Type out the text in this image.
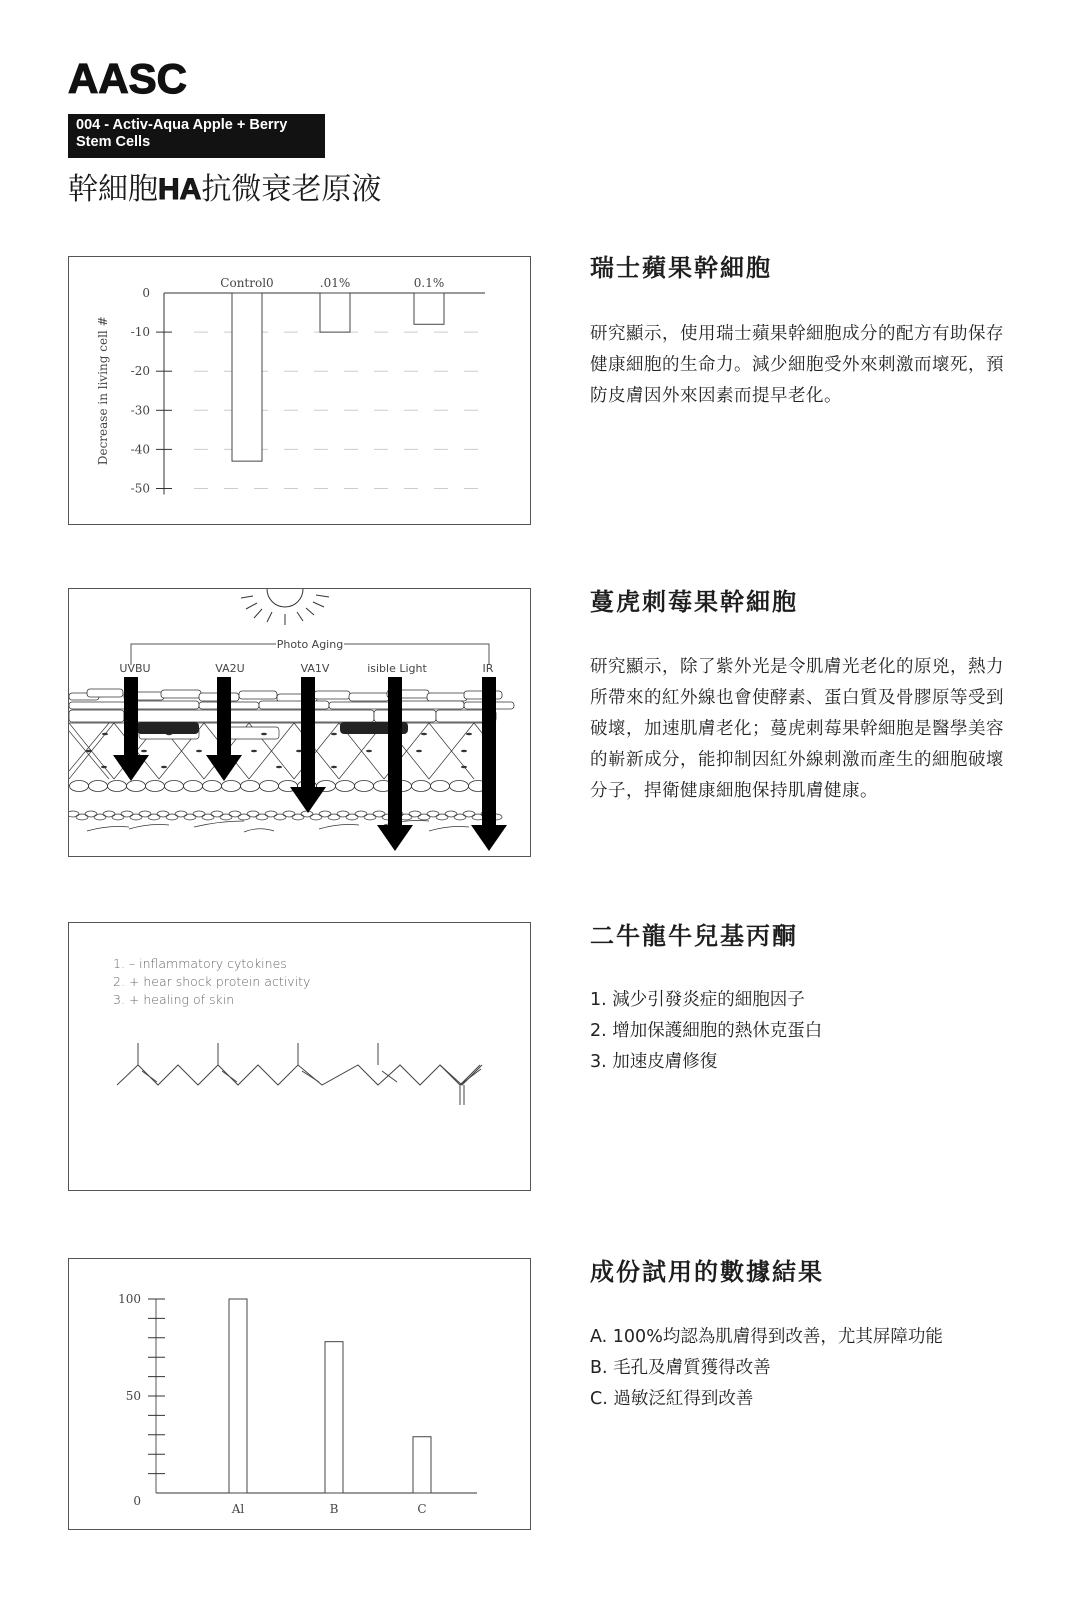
AASC
004 - Activ-Aqua Apple + Berry
Stem Cells
幹細胞HA抗微衰老原液
0
-10
-20
-30
-40
-50
Decrease in living cell #
Control0	.01%	0.1%
瑞士蘋果幹細胞
研究顯示，使用瑞士蘋果幹細胞成分的配方有助保存健康細胞的生命力。減少細胞受外來刺激而壞死，預防皮膚因外來因素而提早老化。
Photo Aging
UVBU	VA2U	VA1V	isible Light	IR
蔓虎刺莓果幹細胞
研究顯示，除了紫外光是令肌膚光老化的原兇，熱力所帶來的紅外線也會使酵素、蛋白質及骨膠原等受到破壞，加速肌膚老化；蔓虎刺莓果幹細胞是醫學美容的嶄新成分，能抑制因紅外線刺激而產生的細胞破壞分子，捍衛健康細胞保持肌膚健康。
1. – inflammatory cytokines
2. + hear shock protein activity
3. + healing of skin
二牛龍牛兒基丙酮
1. 減少引發炎症的細胞因子
2. 增加保護細胞的熱休克蛋白
3. 加速皮膚修復
100
50
0
Al	B	C
成份試用的數據結果
A. 100%均認為肌膚得到改善，尤其屏障功能
B. 毛孔及膚質獲得改善
C. 過敏泛紅得到改善
